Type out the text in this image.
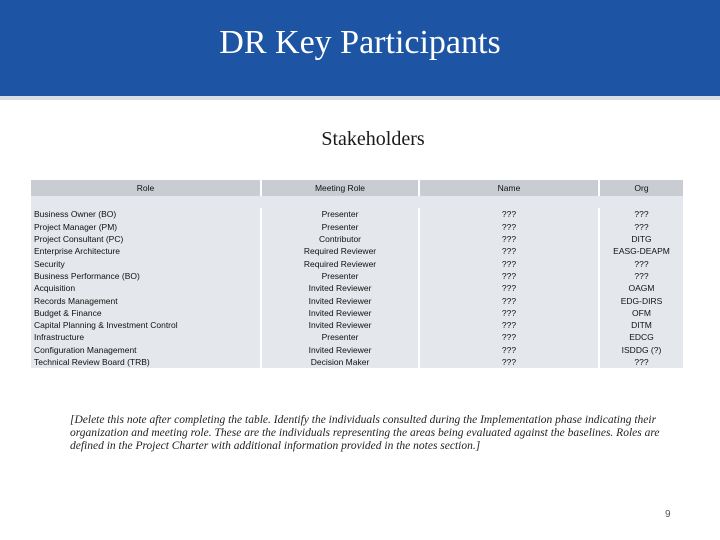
DR Key Participants
Stakeholders
Role	Meeting Role	Name	Org

Business Owner (BO)	Presenter	???	???
Project Manager (PM)	Presenter	???	???
Project Consultant (PC)	Contributor	???	DITG
Enterprise Architecture	Required Reviewer	???	EASG-DEAPM
Security	Required Reviewer	???	???
Business Performance (BO)	Presenter	???	???
Acquisition	Invited Reviewer	???	OAGM
Records Management	Invited Reviewer	???	EDG-DIRS
Budget & Finance	Invited Reviewer	???	OFM
Capital Planning & Investment Control	Invited Reviewer	???	DITM
Infrastructure	Presenter	???	EDCG
Configuration Management	Invited Reviewer	???	ISDDG (?)
Technical Review Board (TRB)	Decision Maker	???	???
[Delete this note after completing the table. Identify the individuals consulted during the Implementation phase indicating their organization and meeting role. These are the individuals representing the areas being evaluated against the baselines. Roles are defined in the Project Charter with additional information provided in the notes section.]
9
